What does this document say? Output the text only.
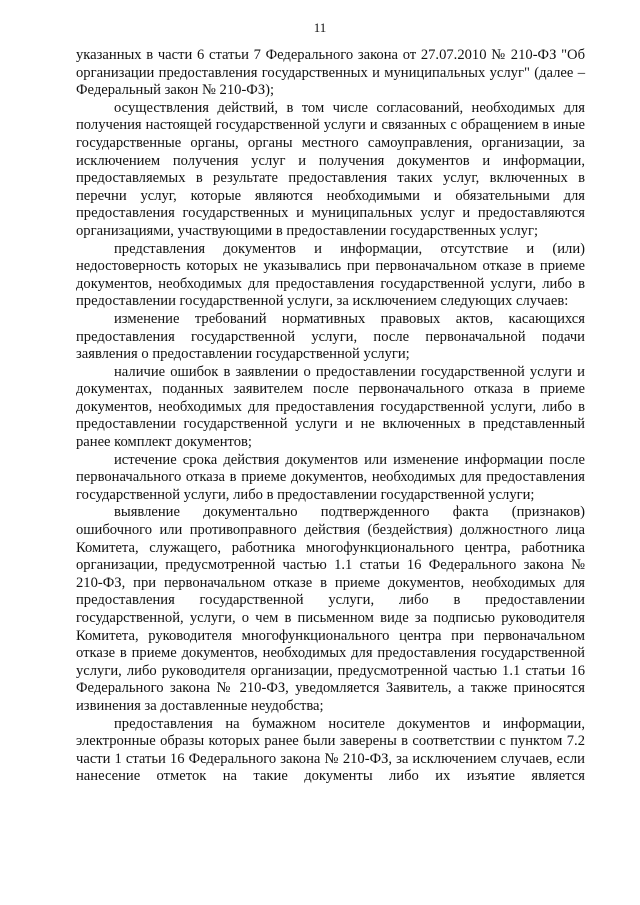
11

указанных в части 6 статьи 7 Федерального закона от 27.07.2010 № 210-ФЗ "Об организации предоставления государственных и муниципальных услуг" (далее – Федеральный закон № 210-ФЗ);

осуществления действий, в том числе согласований, необходимых для получения настоящей государственной услуги и связанных с обращением в иные государственные органы, органы местного самоуправления, организации, за исключением получения услуг и получения документов и информации, предоставляемых в результате предоставления таких услуг, включенных в перечни услуг, которые являются необходимыми и обязательными для предоставления государственных и муниципальных услуг и предоставляются организациями, участвующими в предоставлении государственных услуг;

представления документов и информации, отсутствие и (или) недостоверность которых не указывались при первоначальном отказе в приеме документов, необходимых для предоставления государственной услуги, либо в предоставлении государственной услуги, за исключением следующих случаев:

изменение требований нормативных правовых актов, касающихся предоставления государственной услуги, после первоначальной подачи заявления о предоставлении государственной услуги;

наличие ошибок в заявлении о предоставлении государственной услуги и документах, поданных заявителем после первоначального отказа в приеме документов, необходимых для предоставления государственной услуги, либо в предоставлении государственной услуги и не включенных в представленный ранее комплект документов;

истечение срока действия документов или изменение информации после первоначального отказа в приеме документов, необходимых для предоставления государственной услуги, либо в предоставлении государственной услуги;

выявление документально подтвержденного факта (признаков) ошибочного или противоправного действия (бездействия) должностного лица Комитета, служащего, работника многофункционального центра, работника организации, предусмотренной частью 1.1 статьи 16 Федерального закона № 210-ФЗ, при первоначальном отказе в приеме документов, необходимых для предоставления государственной услуги, либо в предоставлении государственной, услуги, о чем в письменном виде за подписью руководителя Комитета, руководителя многофункционального центра при первоначальном отказе в приеме документов, необходимых для предоставления государственной услуги, либо руководителя организации, предусмотренной частью 1.1 статьи 16 Федерального закона № 210-ФЗ, уведомляется Заявитель, а также приносятся извинения за доставленные неудобства;

предоставления на бумажном носителе документов и информации, электронные образы которых ранее были заверены в соответствии с пунктом 7.2 части 1 статьи 16 Федерального закона № 210-ФЗ, за исключением случаев, если нанесение отметок на такие документы либо их изъятие является
